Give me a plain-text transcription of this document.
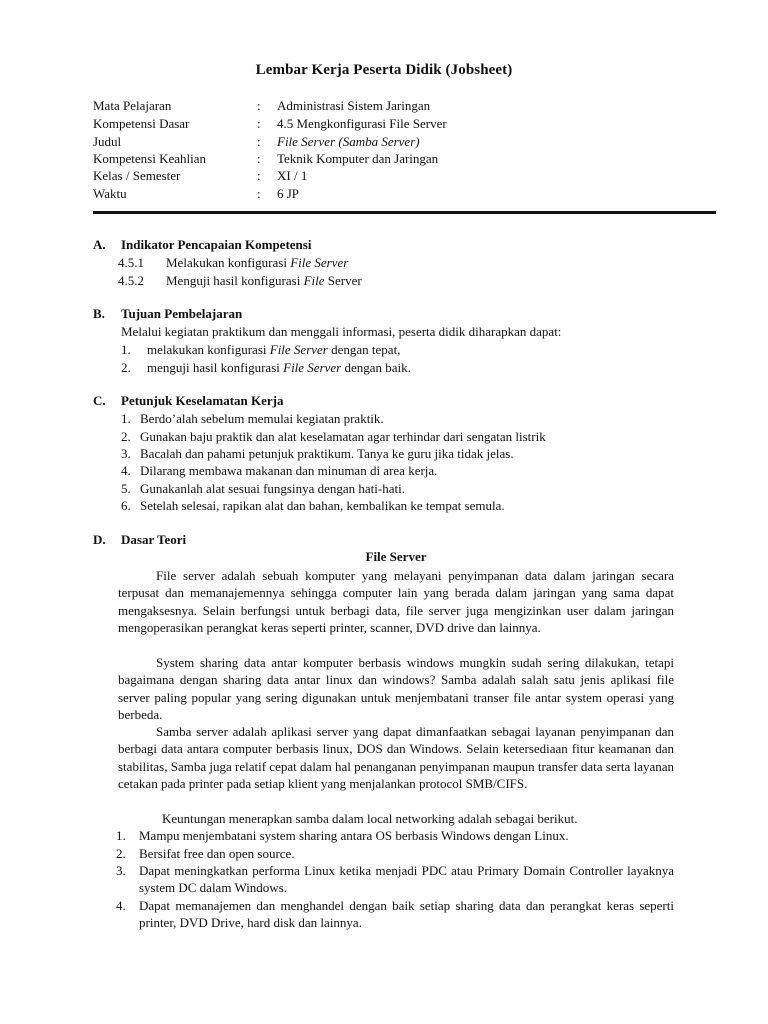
Lembar Kerja Peserta Didik (Jobsheet)
Mata Pelajaran	: Administrasi Sistem Jaringan
Kompetensi Dasar	: 4.5 Mengkonfigurasi File Server
Judul	: File Server (Samba Server)
Kompetensi Keahlian	: Teknik Komputer dan Jaringan
Kelas / Semester	: XI / 1
Waktu	: 6 JP
A. Indikator Pencapaian Kompetensi
4.5.1 Melakukan konfigurasi File Server
4.5.2 Menguji hasil konfigurasi File Server
B. Tujuan Pembelajaran
Melalui kegiatan praktikum dan menggali informasi, peserta didik diharapkan dapat:
1. melakukan konfigurasi File Server dengan tepat,
2. menguji hasil konfigurasi File Server dengan baik.
C. Petunjuk Keselamatan Kerja
1. Berdo’alah sebelum memulai kegiatan praktik.
2. Gunakan baju praktik dan alat keselamatan agar terhindar dari sengatan listrik
3. Bacalah dan pahami petunjuk praktikum. Tanya ke guru jika tidak jelas.
4. Dilarang membawa makanan dan minuman di area kerja.
5. Gunakanlah alat sesuai fungsinya dengan hati-hati.
6. Setelah selesai, rapikan alat dan bahan, kembalikan ke tempat semula.
D. Dasar Teori
File Server
File server adalah sebuah komputer yang melayani penyimpanan data dalam jaringan secara terpusat dan memanajemennya sehingga computer lain yang berada dalam jaringan yang sama dapat mengaksesnya. Selain berfungsi untuk berbagi data, file server juga mengizinkan user dalam jaringan mengoperasikan perangkat keras seperti printer, scanner, DVD drive dan lainnya.
System sharing data antar komputer berbasis windows mungkin sudah sering dilakukan, tetapi bagaimana dengan sharing data antar linux dan windows? Samba adalah salah satu jenis aplikasi file server paling popular yang sering digunakan untuk menjembatani transer file antar system operasi yang berbeda.
Samba server adalah aplikasi server yang dapat dimanfaatkan sebagai layanan penyimpanan dan berbagi data antara computer berbasis linux, DOS dan Windows. Selain ketersediaan fitur keamanan dan stabilitas, Samba juga relatif cepat dalam hal penanganan penyimpanan maupun transfer data serta layanan cetakan pada printer pada setiap klient yang menjalankan protocol SMB/CIFS.
Keuntungan menerapkan samba dalam local networking adalah sebagai berikut.
1. Mampu menjembatani system sharing antara OS berbasis Windows dengan Linux.
2. Bersifat free dan open source.
3. Dapat meningkatkan performa Linux ketika menjadi PDC atau Primary Domain Controller layaknya system DC dalam Windows.
4. Dapat memanajemen dan menghandel dengan baik setiap sharing data dan perangkat keras seperti printer, DVD Drive, hard disk dan lainnya.
